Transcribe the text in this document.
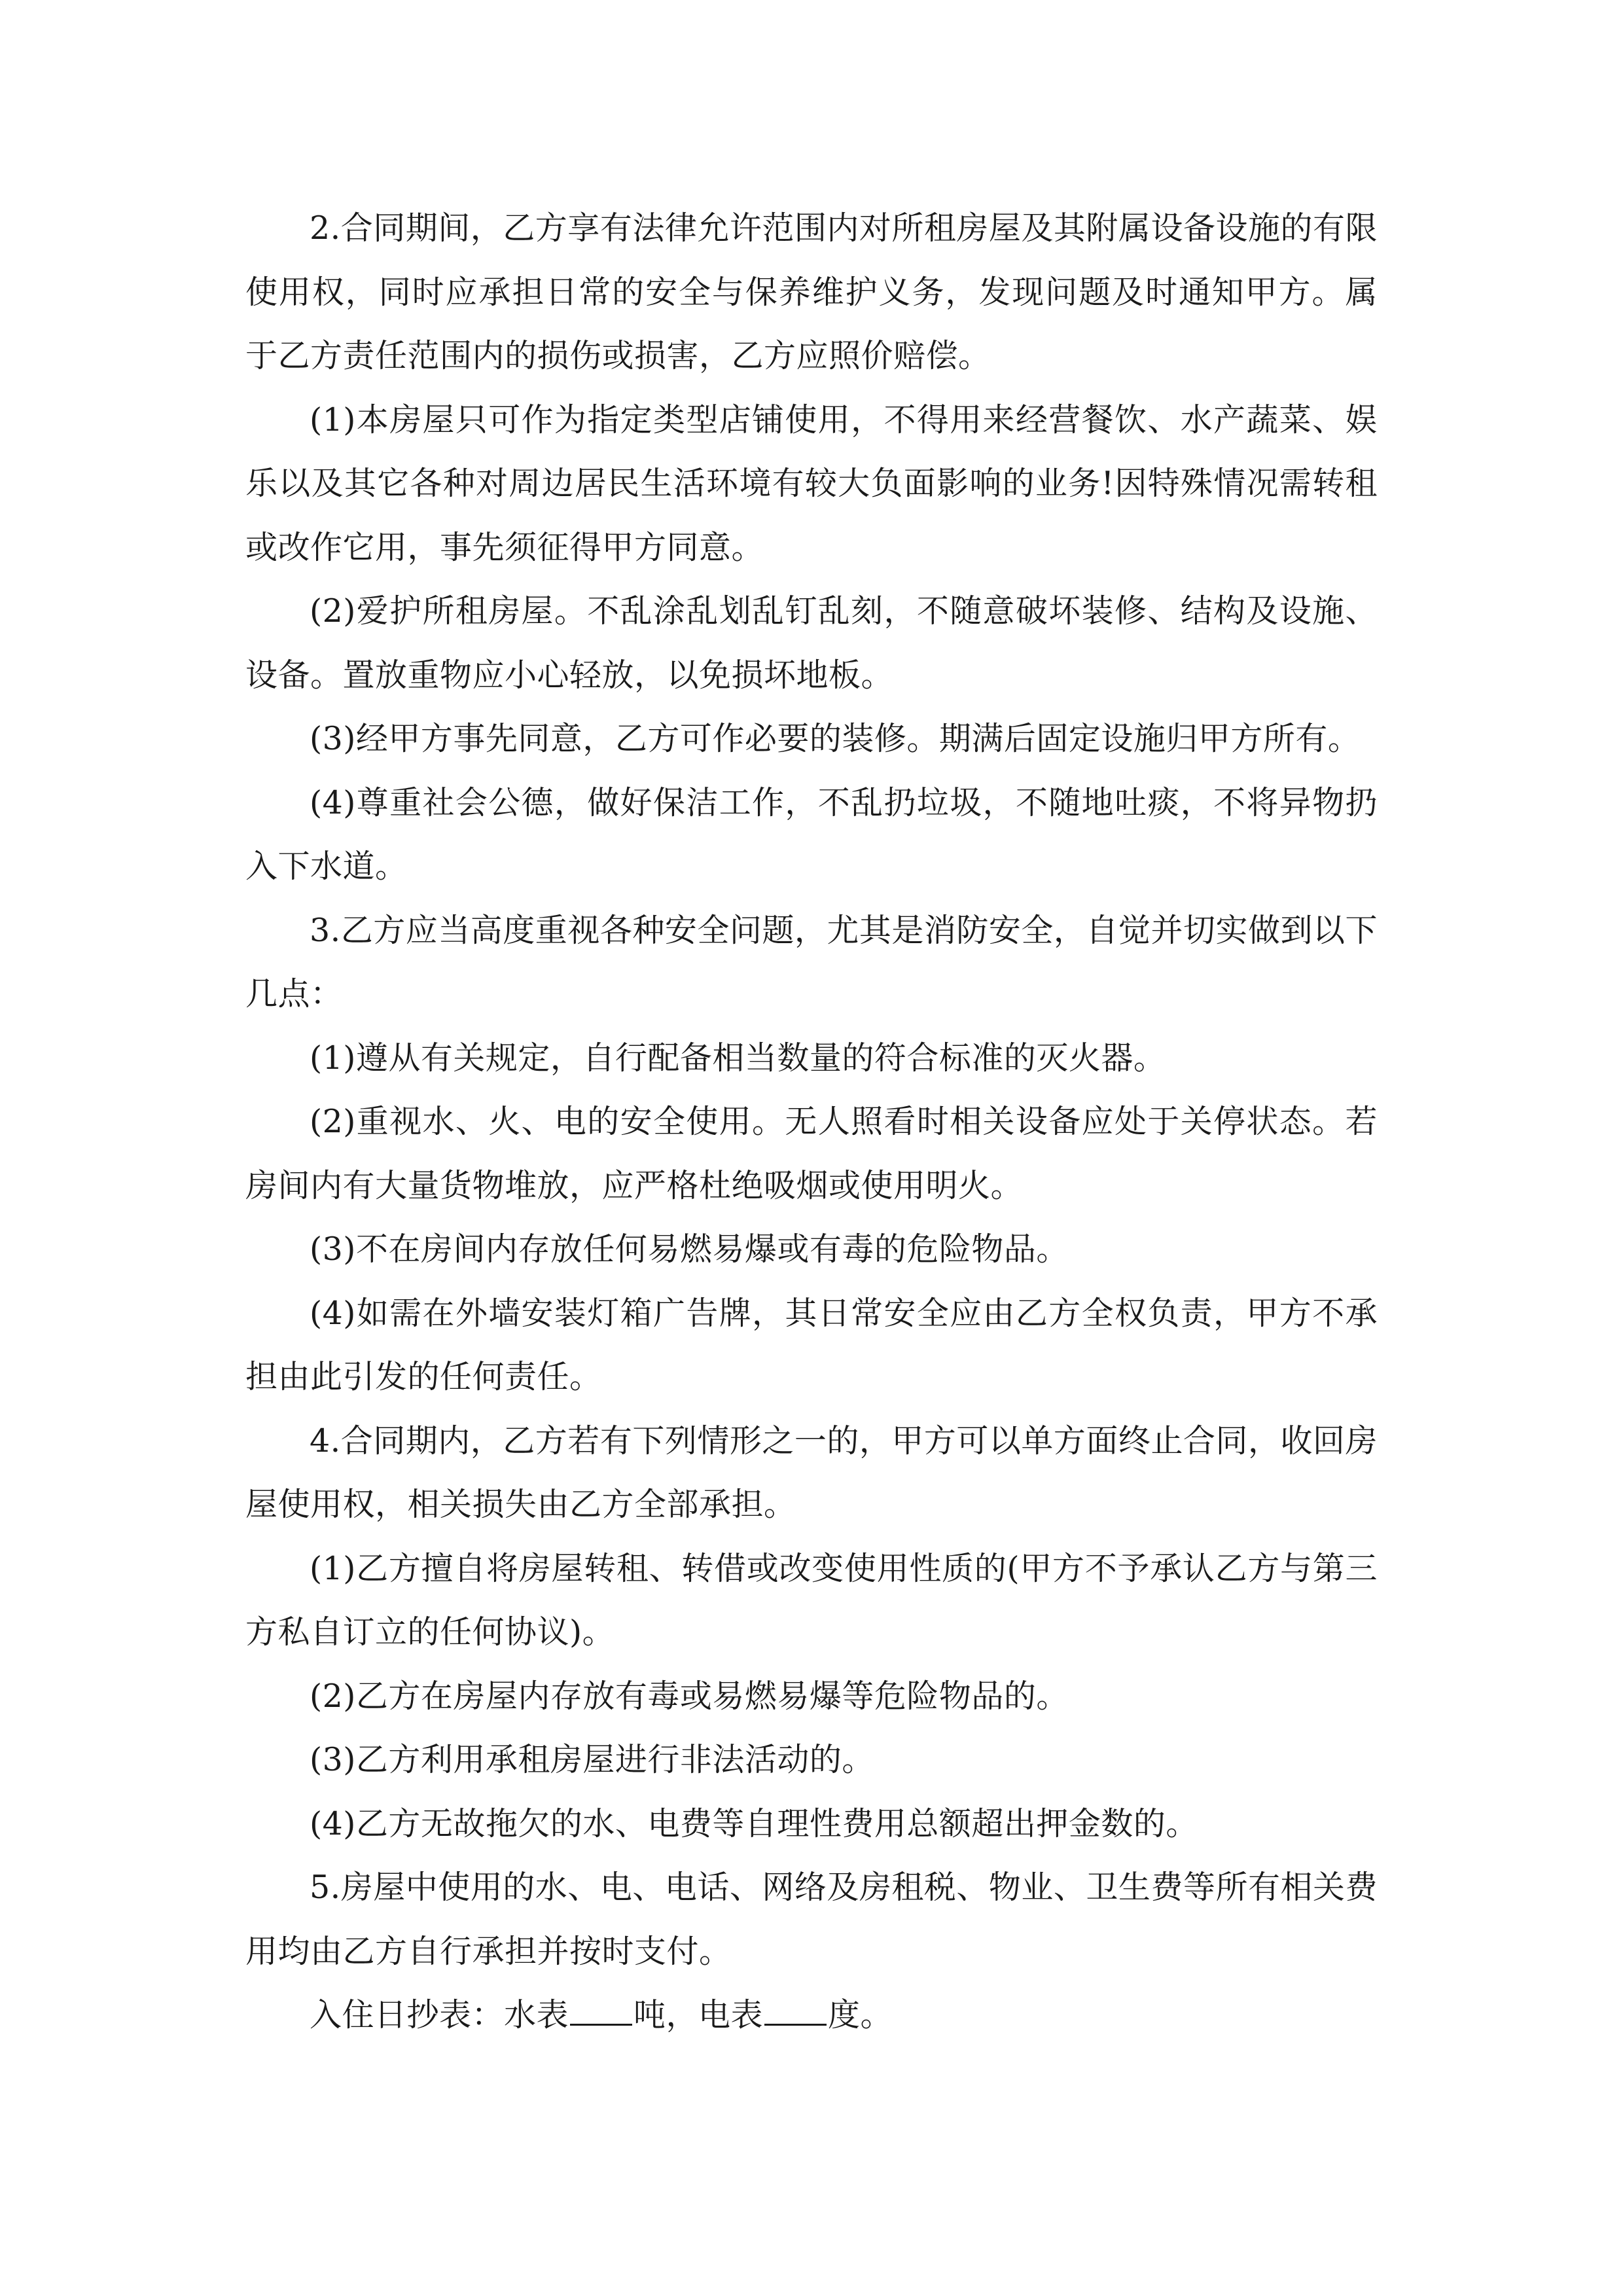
2.合同期间，乙方享有法律允许范围内对所租房屋及其附属设备设施的有限使用权，同时应承担日常的安全与保养维护义务，发现问题及时通知甲方。属于乙方责任范围内的损伤或损害，乙方应照价赔偿。

(1)本房屋只可作为指定类型店铺使用，不得用来经营餐饮、水产蔬菜、娱乐以及其它各种对周边居民生活环境有较大负面影响的业务!因特殊情况需转租或改作它用，事先须征得甲方同意。

(2)爱护所租房屋。不乱涂乱划乱钉乱刻，不随意破坏装修、结构及设施、设备。置放重物应小心轻放，以免损坏地板。

(3)经甲方事先同意，乙方可作必要的装修。期满后固定设施归甲方所有。

(4)尊重社会公德，做好保洁工作，不乱扔垃圾，不随地吐痰，不将异物扔入下水道。

3.乙方应当高度重视各种安全问题，尤其是消防安全，自觉并切实做到以下几点：

(1)遵从有关规定，自行配备相当数量的符合标准的灭火器。

(2)重视水、火、电的安全使用。无人照看时相关设备应处于关停状态。若房间内有大量货物堆放，应严格杜绝吸烟或使用明火。

(3)不在房间内存放任何易燃易爆或有毒的危险物品。

(4)如需在外墙安装灯箱广告牌，其日常安全应由乙方全权负责，甲方不承担由此引发的任何责任。

4.合同期内，乙方若有下列情形之一的，甲方可以单方面终止合同，收回房屋使用权，相关损失由乙方全部承担。

(1)乙方擅自将房屋转租、转借或改变使用性质的(甲方不予承认乙方与第三方私自订立的任何协议)。

(2)乙方在房屋内存放有毒或易燃易爆等危险物品的。

(3)乙方利用承租房屋进行非法活动的。

(4)乙方无故拖欠的水、电费等自理性费用总额超出押金数的。

5.房屋中使用的水、电、电话、网络及房租税、物业、卫生费等所有相关费用均由乙方自行承担并按时支付。

入住日抄表：水表 吨，电表 度。
